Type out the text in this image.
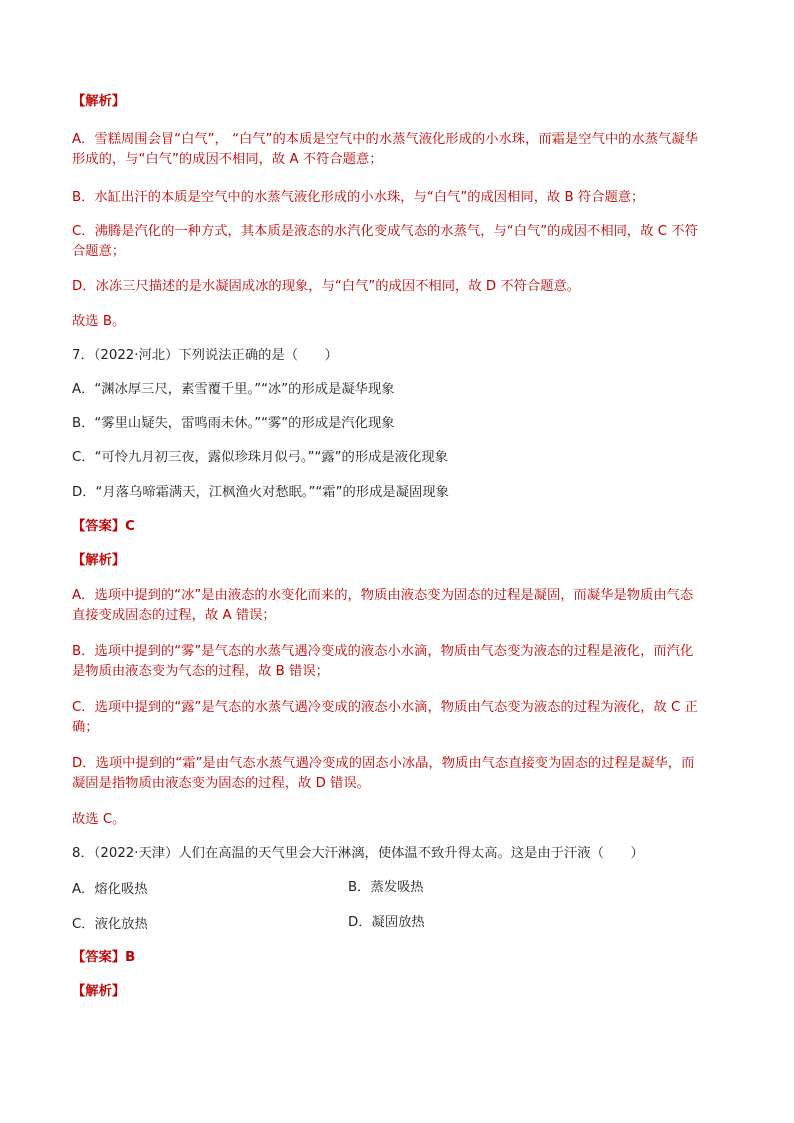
【解析】
A．雪糕周围会冒“白气”， “白气”的本质是空气中的水蒸气液化形成的小水珠，而霜是空气中的水蒸气凝华
形成的，与“白气”的成因不相同，故 A 不符合题意；
B．水缸出汗的本质是空气中的水蒸气液化形成的小水珠，与“白气”的成因相同，故 B 符合题意；
C．沸腾是汽化的一种方式，其本质是液态的水汽化变成气态的水蒸气，与“白气”的成因不相同，故 C 不符
合题意；
D．冰冻三尺描述的是水凝固成冰的现象，与“白气”的成因不相同，故 D 不符合题意。
故选 B。
7．（2022·河北）下列说法正确的是（　　）
A．“渊冰厚三尺，素雪覆千里。”“冰”的形成是凝华现象
B．“雾里山疑失，雷鸣雨未休。”“雾”的形成是汽化现象
C．“可怜九月初三夜，露似珍珠月似弓。”“露”的形成是液化现象
D．“月落乌啼霜满天，江枫渔火对愁眠。”“霜”的形成是凝固现象
【答案】C
【解析】
A．选项中提到的“冰”是由液态的水变化而来的，物质由液态变为固态的过程是凝固，而凝华是物质由气态
直接变成固态的过程，故 A 错误；
B．选项中提到的“雾”是气态的水蒸气遇冷变成的液态小水滴，物质由气态变为液态的过程是液化，而汽化
是物质由液态变为气态的过程，故 B 错误；
C．选项中提到的“露”是气态的水蒸气遇冷变成的液态小水滴，物质由气态变为液态的过程为液化，故 C 正
确；
D．选项中提到的“霜”是由气态水蒸气遇冷变成的固态小冰晶，物质由气态直接变为固态的过程是凝华，而
凝固是指物质由液态变为固态的过程，故 D 错误。
故选 C。
8．（2022·天津）人们在高温的天气里会大汗淋漓，使体温不致升得太高。这是由于汗液（　　）
A．熔化吸热	B．蒸发吸热
C．液化放热	D．凝固放热
【答案】B
【解析】
